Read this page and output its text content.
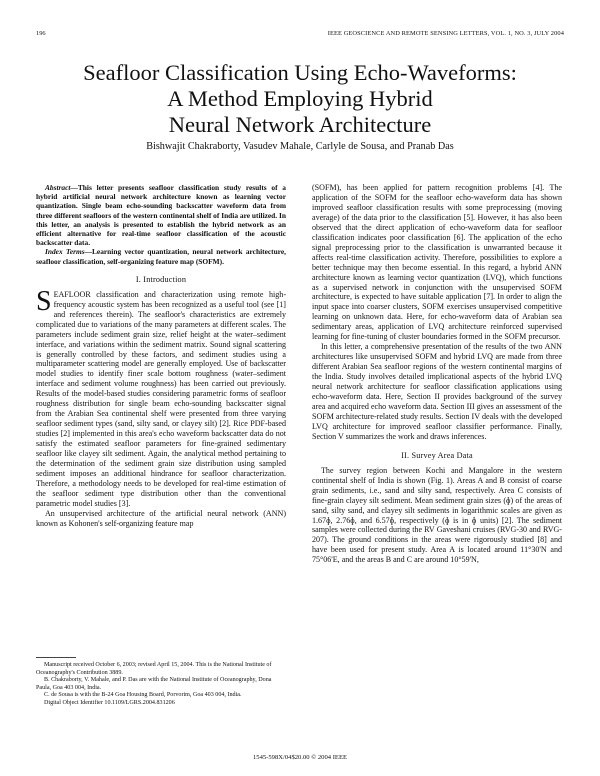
196	IEEE GEOSCIENCE AND REMOTE SENSING LETTERS, VOL. 1, NO. 3, JULY 2004
Seafloor Classification Using Echo-Waveforms:
A Method Employing Hybrid
Neural Network Architecture
Bishwajit Chakraborty, Vasudev Mahale, Carlyle de Sousa, and Pranab Das

Abstract—This letter presents seafloor classification study results of a hybrid artificial neural network architecture known as learning vector quantization. Single beam echo-sounding backscatter waveform data from three different seafloors of the western continental shelf of India are utilized. In this letter, an analysis is presented to establish the hybrid network as an efficient alternative for real-time seafloor classification of the acoustic backscatter data.

Index Terms—Learning vector quantization, neural network architecture, seafloor classification, self-organizing feature map (SOFM).

I. Introduction

SEAFLOOR classification and characterization using remote high-frequency acoustic system has been recognized as a useful tool (see [1] and references therein). The seafloor's characteristics are extremely complicated due to variations of the many parameters at different scales. The parameters include sediment grain size, relief height at the water–sediment interface, and variations within the sediment matrix. Sound signal scattering is generally controlled by these factors, and sediment studies using a multiparameter scattering model are generally employed. Use of backscatter model studies to identify finer scale bottom roughness (water–sediment interface and sediment volume roughness) has been carried out previously. Results of the model-based studies considering parametric forms of seafloor roughness distribution for single beam echo-sounding backscatter signal from the Arabian Sea continental shelf were presented from three varying seafloor sediment types (sand, silty sand, or clayey silt) [2]. Rice PDF-based studies [2] implemented in this area's echo waveform backscatter data do not satisfy the estimated seafloor parameters for fine-grained sedimentary seafloor like clayey silt sediment. Again, the analytical method pertaining to the determination of the sediment grain size distribution using sampled sediment imposes an additional hindrance for seafloor characterization. Therefore, a methodology needs to be developed for real-time estimation of the seafloor sediment type distribution other than the conventional parametric model studies [3].

An unsupervised architecture of the artificial neural network (ANN) known as Kohonen's self-organizing feature map

(SOFM), has been applied for pattern recognition problems [4]. The application of the SOFM for the seafloor echo-waveform data has shown improved seafloor classification results with some preprocessing (moving average) of the data prior to the classification [5]. However, it has also been observed that the direct application of echo-waveform data for seafloor classification indicates poor classification [6]. The application of the echo signal preprocessing prior to the classification is unwarranted because it affects real-time classification activity. Therefore, possibilities to explore a better technique may then become essential. In this regard, a hybrid ANN architecture known as learning vector quantization (LVQ), which functions as a supervised network in conjunction with the unsupervised SOFM architecture, is expected to have suitable application [7]. In order to align the input space into coarser clusters, SOFM exercises unsupervised competitive learning on unknown data. Here, for echo-waveform data of Arabian sea sedimentary areas, application of LVQ architecture reinforced supervised learning for fine-tuning of cluster boundaries formed in the SOFM precursor.

In this letter, a comprehensive presentation of the results of the two ANN architectures like unsupervised SOFM and hybrid LVQ are made from three different Arabian Sea seafloor regions of the western continental margins of the India. Study involves detailed implicational aspects of the hybrid LVQ neural network architecture for seafloor classification applications using echo-waveform data. Here, Section II provides background of the survey area and acquired echo waveform data. Section III gives an assessment of the SOFM architecture-related study results. Section IV deals with the developed LVQ architecture for improved seafloor classifier performance. Finally, Section V summarizes the work and draws inferences.

II. Survey Area Data

The survey region between Kochi and Mangalore in the western continental shelf of India is shown (Fig. 1). Areas A and B consist of coarse grain sediments, i.e., sand and silty sand, respectively. Area C consists of fine-grain clayey silt sediment. Mean sediment grain sizes (ɸ) of the areas of sand, silty sand, and clayey silt sediments in logarithmic scales are given as 1.67ɸ, 2.76ɸ, and 6.57ɸ, respectively (ɸ is in ɸ units) [2]. The sediment samples were collected during the RV Gaveshani cruises (RVG-30 and RVG-207). The ground conditions in the areas were rigorously studied [8] and have been used for present study. Area A is located around 11°30'N and 75°06'E, and the areas B and C are around 10°59'N,

Manuscript received October 6, 2003; revised April 15, 2004. This is the National Institute of Oceanography's Contribution 3889.

B. Chakraborty, V. Mahale, and P. Das are with the National Institute of Oceanography, Dona Paula, Goa 403 004, India.

C. de Sousa is with the B-24 Goa Housing Board, Porvorim, Goa 403 004, India.

Digital Object Identifier 10.1109/LGRS.2004.831206

1545-598X/04$20.00 © 2004 IEEE
